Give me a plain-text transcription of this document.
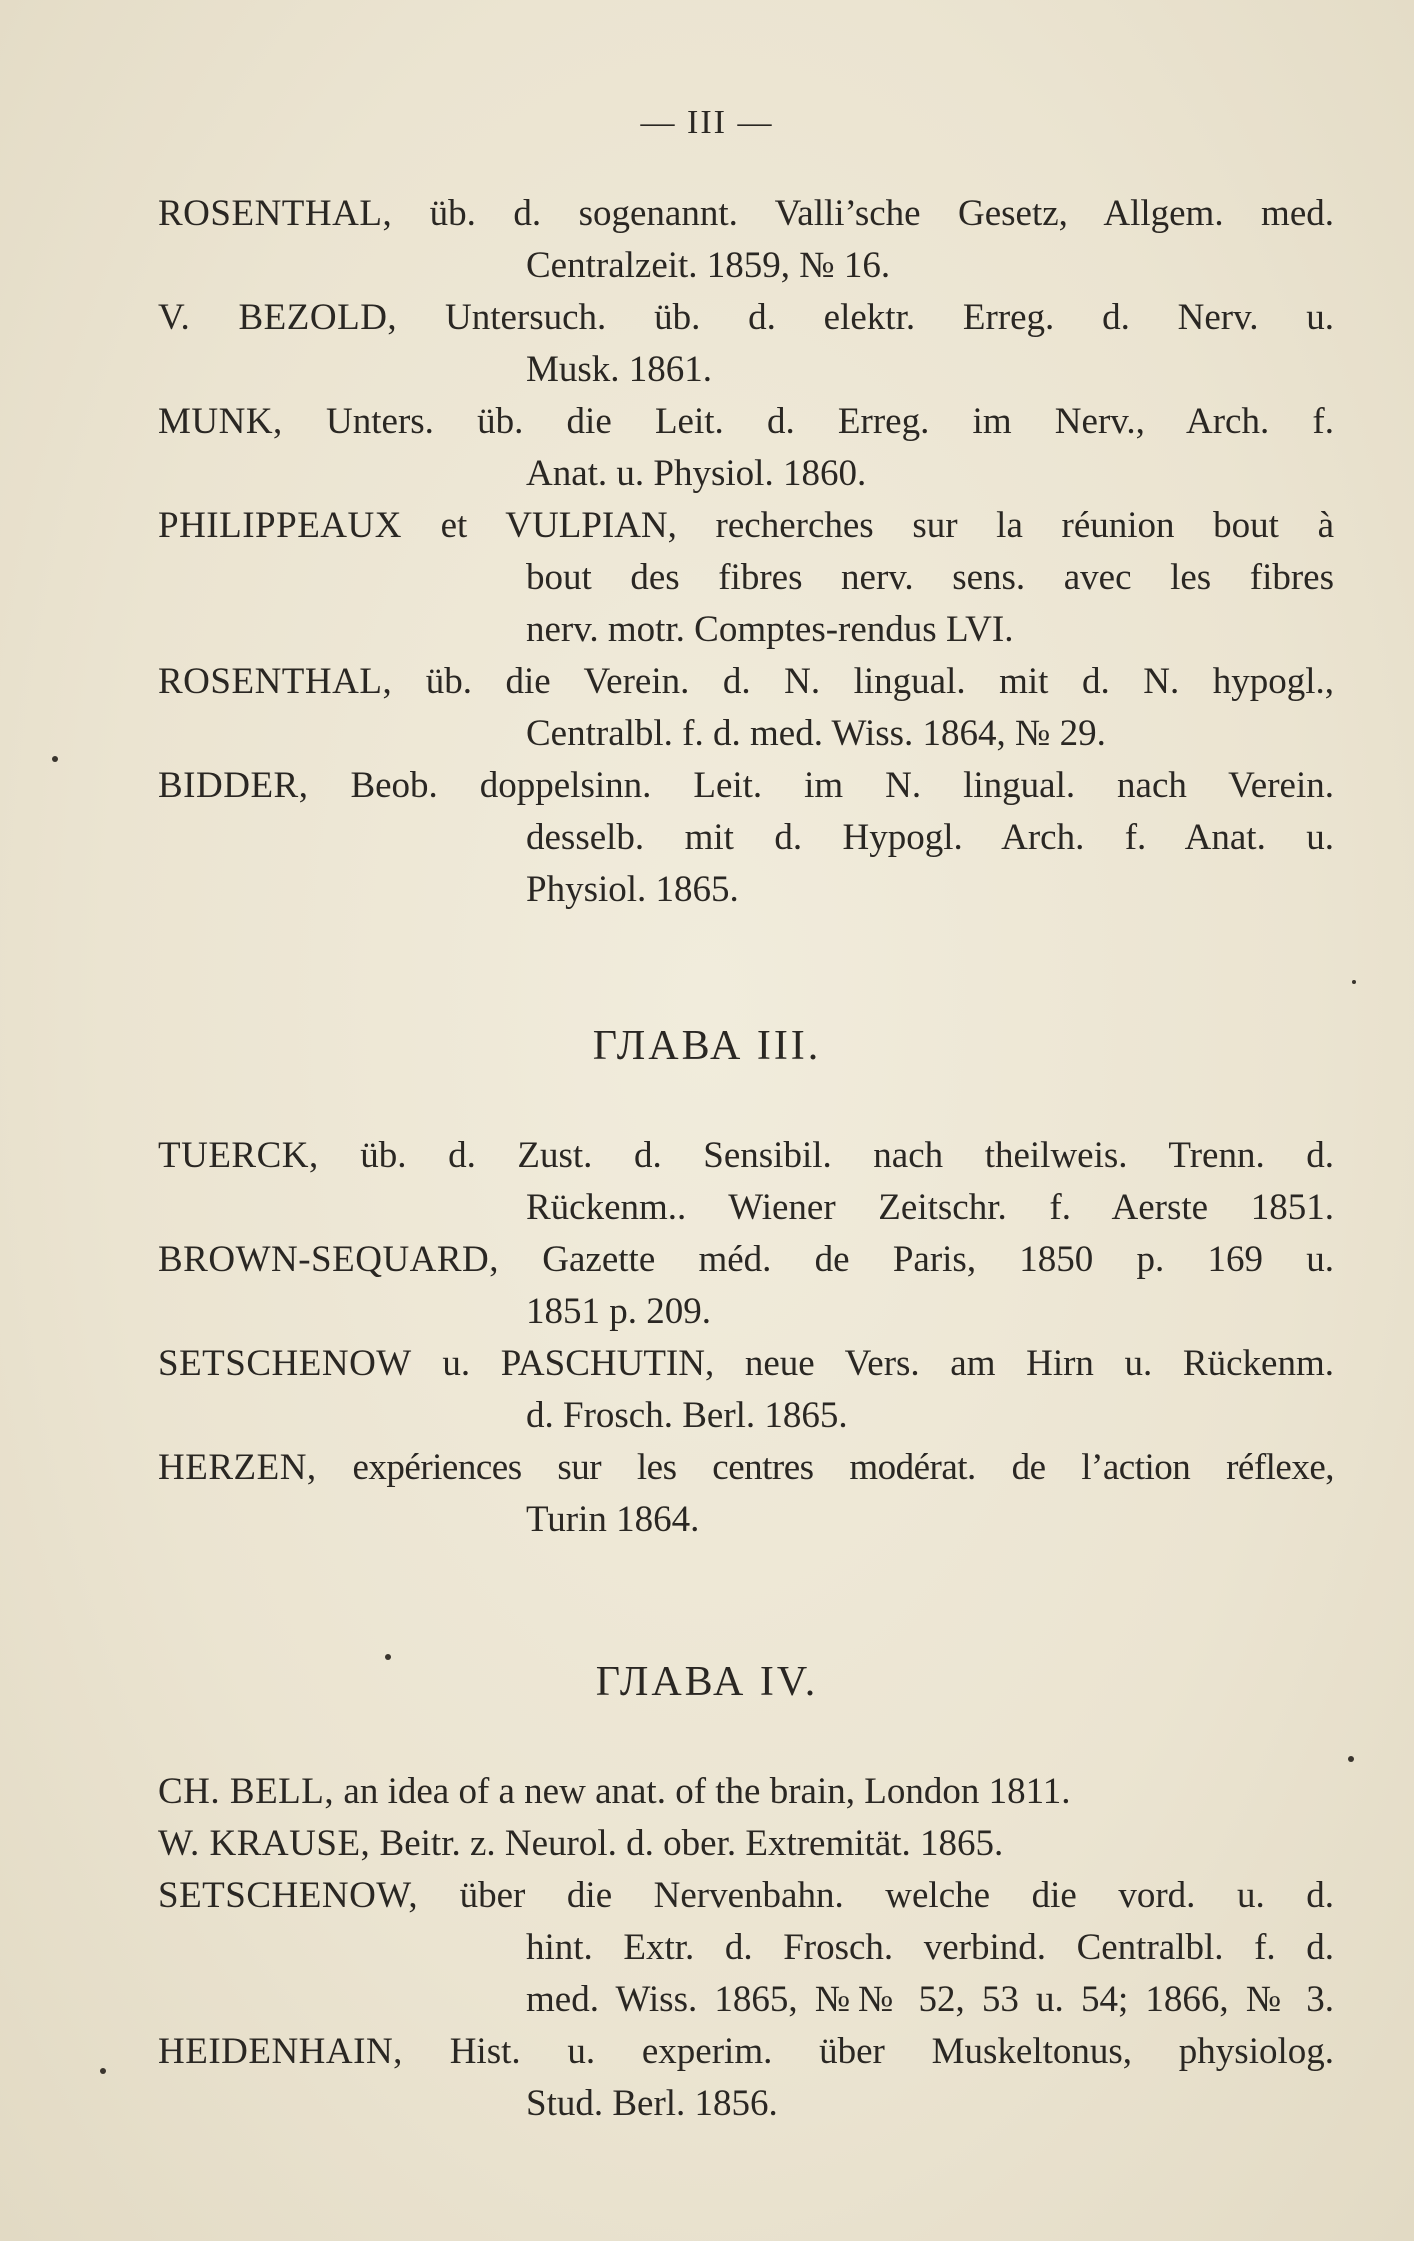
— III —

ROSENTHAL, üb. d. sogenannt. Valli’sche Gesetz, Allgem. med.
Centralzeit. 1859, № 16.

V. BEZOLD, Untersuch. üb. d. elektr. Erreg. d. Nerv. u.
Musk. 1861.

MUNK, Unters. üb. die Leit. d. Erreg. im Nerv., Arch. f.
Anat. u. Physiol. 1860.

PHILIPPEAUX et VULPIAN, recherches sur la réunion bout à
bout des fibres nerv. sens. avec les fibres
nerv. motr. Comptes-rendus LVI.

ROSENTHAL, üb. die Verein. d. N. lingual. mit d. N. hypogl.,
Centralbl. f. d. med. Wiss. 1864, № 29.

BIDDER, Beob. doppelsinn. Leit. im N. lingual. nach Verein.
desselb. mit d. Hypogl. Arch. f. Anat. u.
Physiol. 1865.

ГЛАВА III.

TUERCK, üb. d. Zust. d. Sensibil. nach theilweis. Trenn. d.
Rückenm.. Wiener Zeitschr. f. Aerste 1851.

BROWN-SEQUARD, Gazette méd. de Paris, 1850 p. 169 u.
1851 p. 209.

SETSCHENOW u. PASCHUTIN, neue Vers. am Hirn u. Rückenm.
d. Frosch. Berl. 1865.

HERZEN, expériences sur les centres modérat. de l’action réflexe,
Turin 1864.

ГЛАВА IV.

CH. BELL, an idea of a new anat. of the brain, London 1811.

W. KRAUSE, Beitr. z. Neurol. d. ober. Extremität. 1865.

SETSCHENOW, über die Nervenbahn. welche die vord. u. d.
hint. Extr. d. Frosch. verbind. Centralbl. f. d.
med. Wiss. 1865, №№ 52, 53 u. 54; 1866, № 3.

HEIDENHAIN, Hist. u. experim. über Muskeltonus, physiolog.
Stud. Berl. 1856.
